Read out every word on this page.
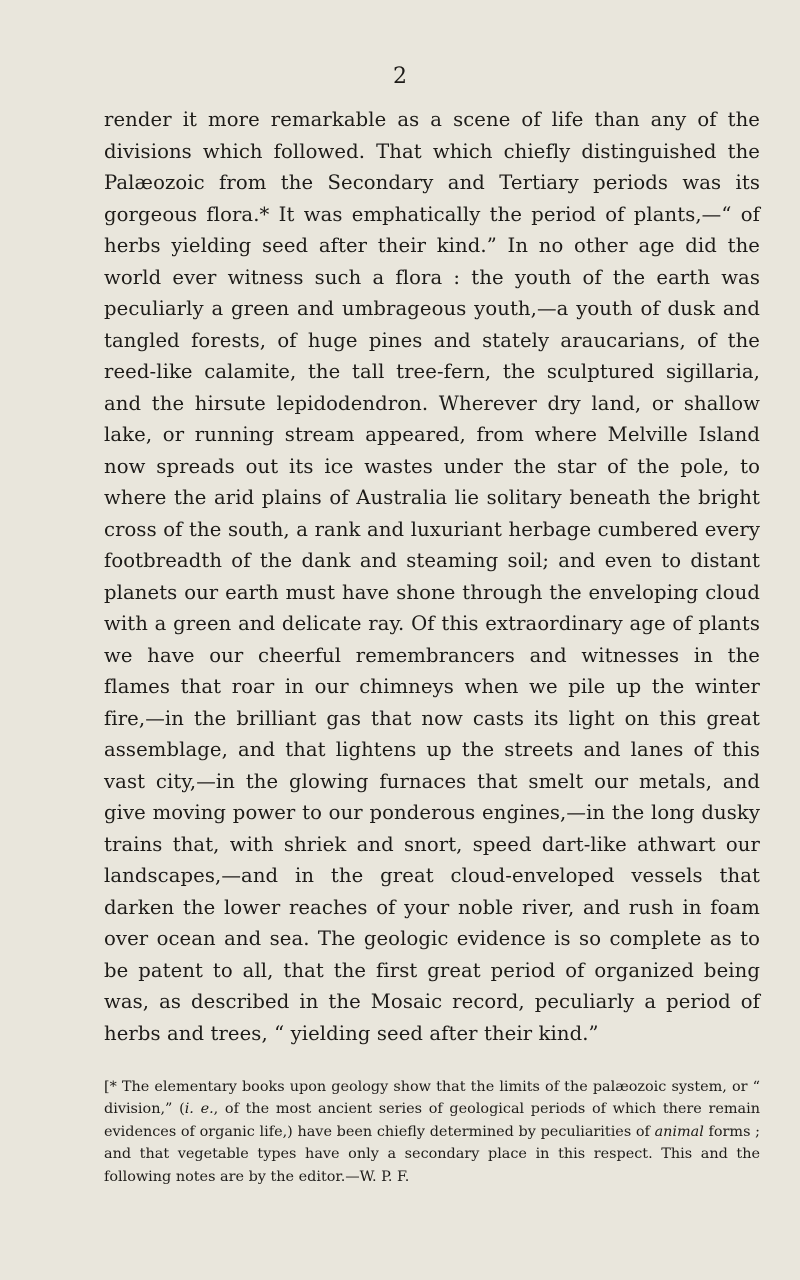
2

render it more remarkable as a scene of life than any of the divisions which followed. That which chiefly distinguished the Palæozoic from the Secondary and Tertiary periods was its gorgeous flora.* It was emphatically the period of plants,—“ of herbs yielding seed after their kind.” In no other age did the world ever witness such a flora : the youth of the earth was peculiarly a green and umbrageous youth,—a youth of dusk and tangled forests, of huge pines and stately araucarians, of the reed-like calamite, the tall tree-fern, the sculptured sigillaria, and the hirsute lepidodendron. Wherever dry land, or shallow lake, or running stream appeared, from where Melville Island now spreads out its ice wastes under the star of the pole, to where the arid plains of Australia lie solitary beneath the bright cross of the south, a rank and luxuriant herbage cumbered every footbreadth of the dank and steaming soil; and even to distant planets our earth must have shone through the enveloping cloud with a green and delicate ray. Of this extraordinary age of plants we have our cheerful remembrancers and witnesses in the flames that roar in our chimneys when we pile up the winter fire,—in the brilliant gas that now casts its light on this great assemblage, and that lightens up the streets and lanes of this vast city,—in the glowing furnaces that smelt our metals, and give moving power to our ponderous engines,—in the long dusky trains that, with shriek and snort, speed dart-like athwart our landscapes,—and in the great cloud-enveloped vessels that darken the lower reaches of your noble river, and rush in foam over ocean and sea. The geologic evidence is so complete as to be patent to all, that the first great period of organized being was, as described in the Mosaic record, peculiarly a period of herbs and trees, “ yielding seed after their kind.”

[* The elementary books upon geology show that the limits of the palæozoic system, or “ division,” (i. e., of the most ancient series of geological periods of which there remain evidences of organic life,) have been chiefly determined by peculiarities of animal forms ; and that vegetable types have only a secondary place in this respect. This and the following notes are by the editor.—W. P. F.
